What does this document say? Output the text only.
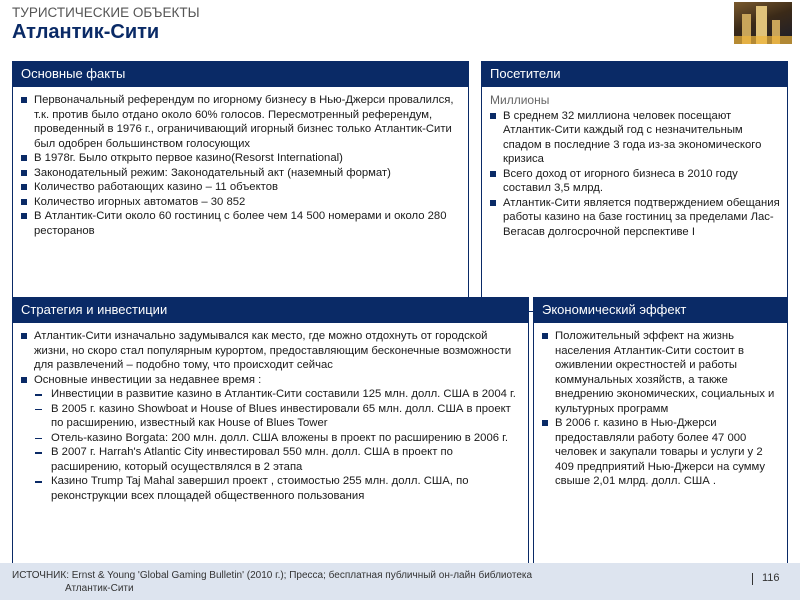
ТУРИСТИЧЕСКИЕ ОБЪЕКТЫ
Атлантик-Сити
Основные факты
Первоначальный референдум по игорному бизнесу в Нью-Джерси провалился, т.к. против было отдано около 60% голосов. Пересмотренный референдум, проведенный в 1976 г., ограничивающий игорный бизнес только Атлантик-Сити был одобрен большинством голосующих
В 1978г. Было открыто первое казино(Resorst International)
Законодательный режим: Законодательный акт (наземный формат)
Количество работающих казино – 11 объектов
Количество игорных автоматов – 30 852
В Атлантик-Сити около 60 гостиниц с более чем 14 500 номерами и около 280 ресторанов
Посетители
Миллионы
В среднем 32 миллиона человек посещают Атлантик-Сити каждый год с незначительным спадом в последние 3 года из-за экономического кризиса
Всего доход от игорного бизнеса в 2010 году составил 3,5 млрд.
Атлантик-Сити является подтверждением обещания работы казино на базе гостиниц за пределами Лас-Вегасав долгосрочной перспективе I
Стратегия и инвестиции
Атлантик-Сити изначально задумывался как место, где можно отдохнуть от городской жизни, но скоро стал популярным курортом, предоставляющим бесконечные возможности для развлечений – подобно тому, что происходит сейчас
Основные инвестиции за недавнее время :
Инвестиции в развитие казино в Атлантик-Сити составили 125 млн. долл. США в 2004 г.
В 2005 г. казино Showboat и House of Blues инвестировали 65 млн. долл. США в проект по расширению, известный как House of Blues Tower
Отель-казино Borgata: 200 млн. долл. США вложены в проект по расширению в 2006 г.
В 2007 г. Harrah's Atlantic City инвестировал 550 млн. долл. США в проект по расширению, который осуществлялся в 2 этапа
Казино Trump Taj Mahal завершил проект , стоимостью 255 млн. долл. США, по реконструкции всех площадей общественного пользования
Экономический эффект
Положительный эффект на жизнь населения Атлантик-Сити состоит в оживлении окрестностей и работы коммунальных хозяйств, а также внедрению экономических, социальных и культурных программ
В 2006 г. казино в Нью-Джерси предоставляли работу более 47 000 человек и закупали товары и услуги у 2 409 предприятий Нью-Джерси на сумму свыше 2,01 млрд. долл. США .
ИСТОЧНИК: Ernst & Young 'Global Gaming Bulletin' (2010 г.); Пресса; бесплатная публичный он-лайн библиотека
Атлантик-Сити
116
